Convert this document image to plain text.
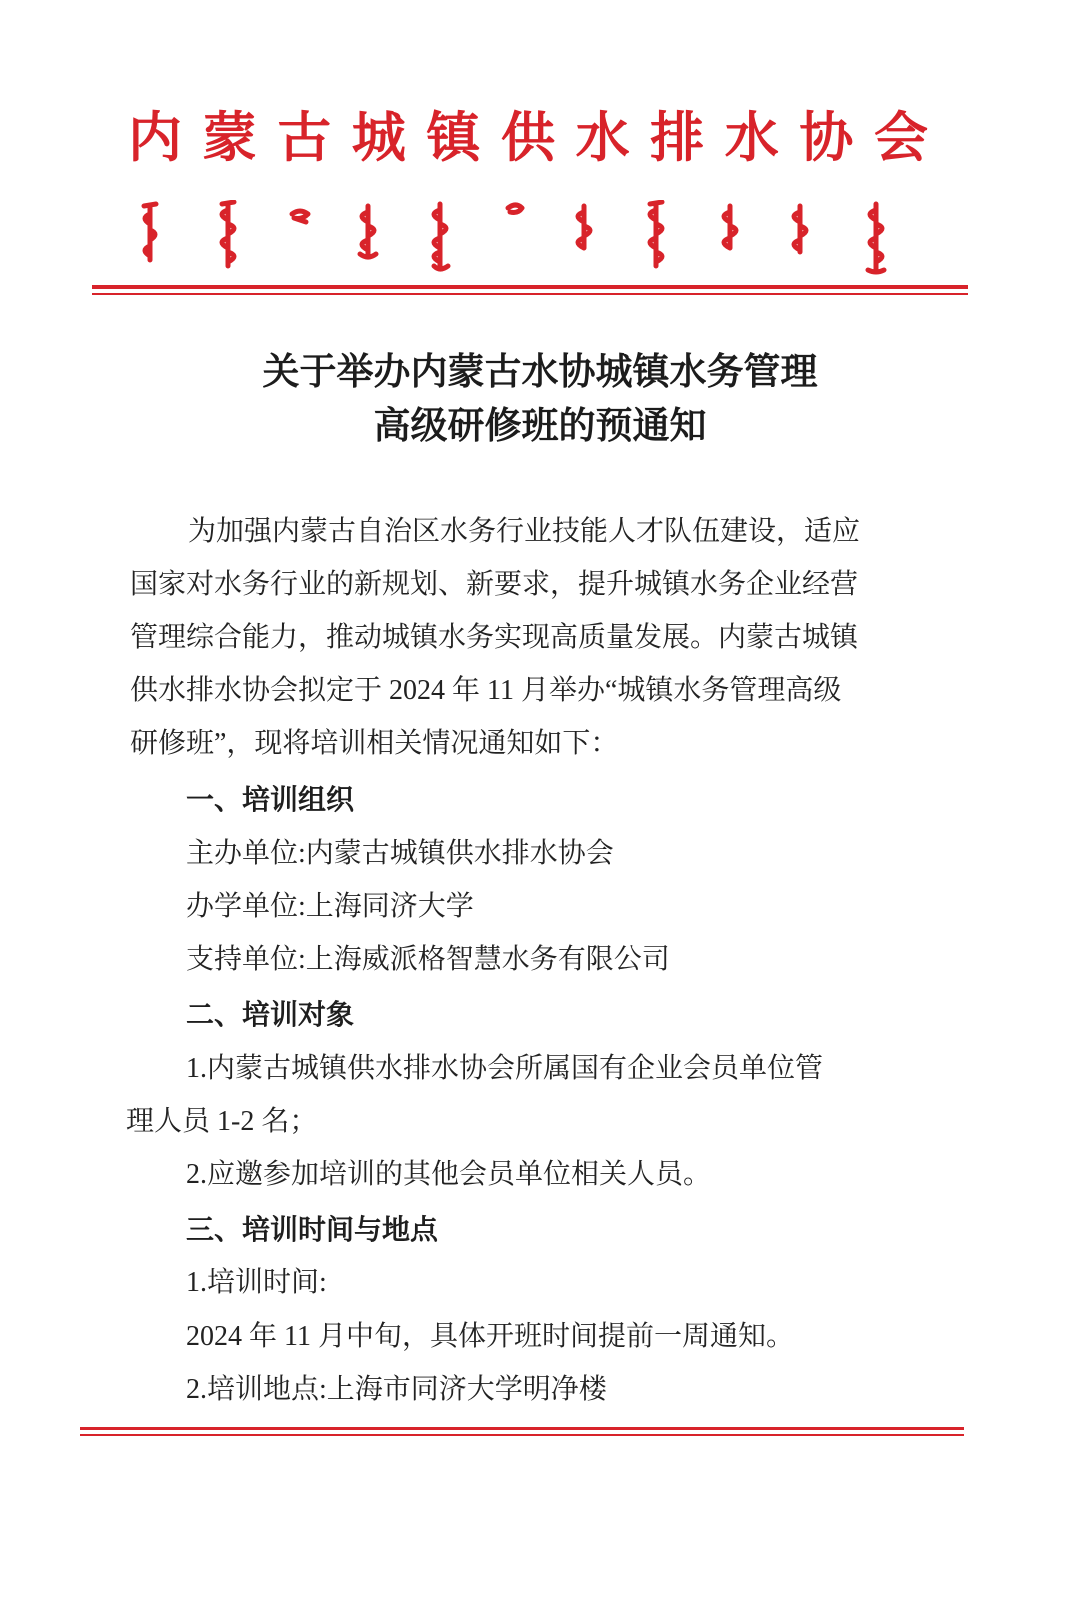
内 蒙 古 城 镇 供 水 排 水 协 会
关于举办内蒙古水协城镇水务管理
高级研修班的预通知
为加强内蒙古自治区水务行业技能人才队伍建设，适应
国家对水务行业的新规划、新要求，提升城镇水务企业经营
管理综合能力，推动城镇水务实现高质量发展。内蒙古城镇
供水排水协会拟定于 2024 年 11 月举办“城镇水务管理高级
研修班”，现将培训相关情况通知如下：
一、培训组织
主办单位:内蒙古城镇供水排水协会
办学单位:上海同济大学
支持单位:上海威派格智慧水务有限公司
二、培训对象
1.内蒙古城镇供水排水协会所属国有企业会员单位管
理人员 1-2 名；
2.应邀参加培训的其他会员单位相关人员。
三、培训时间与地点
1.培训时间:
2024 年 11 月中旬，具体开班时间提前一周通知。
2.培训地点:上海市同济大学明净楼
